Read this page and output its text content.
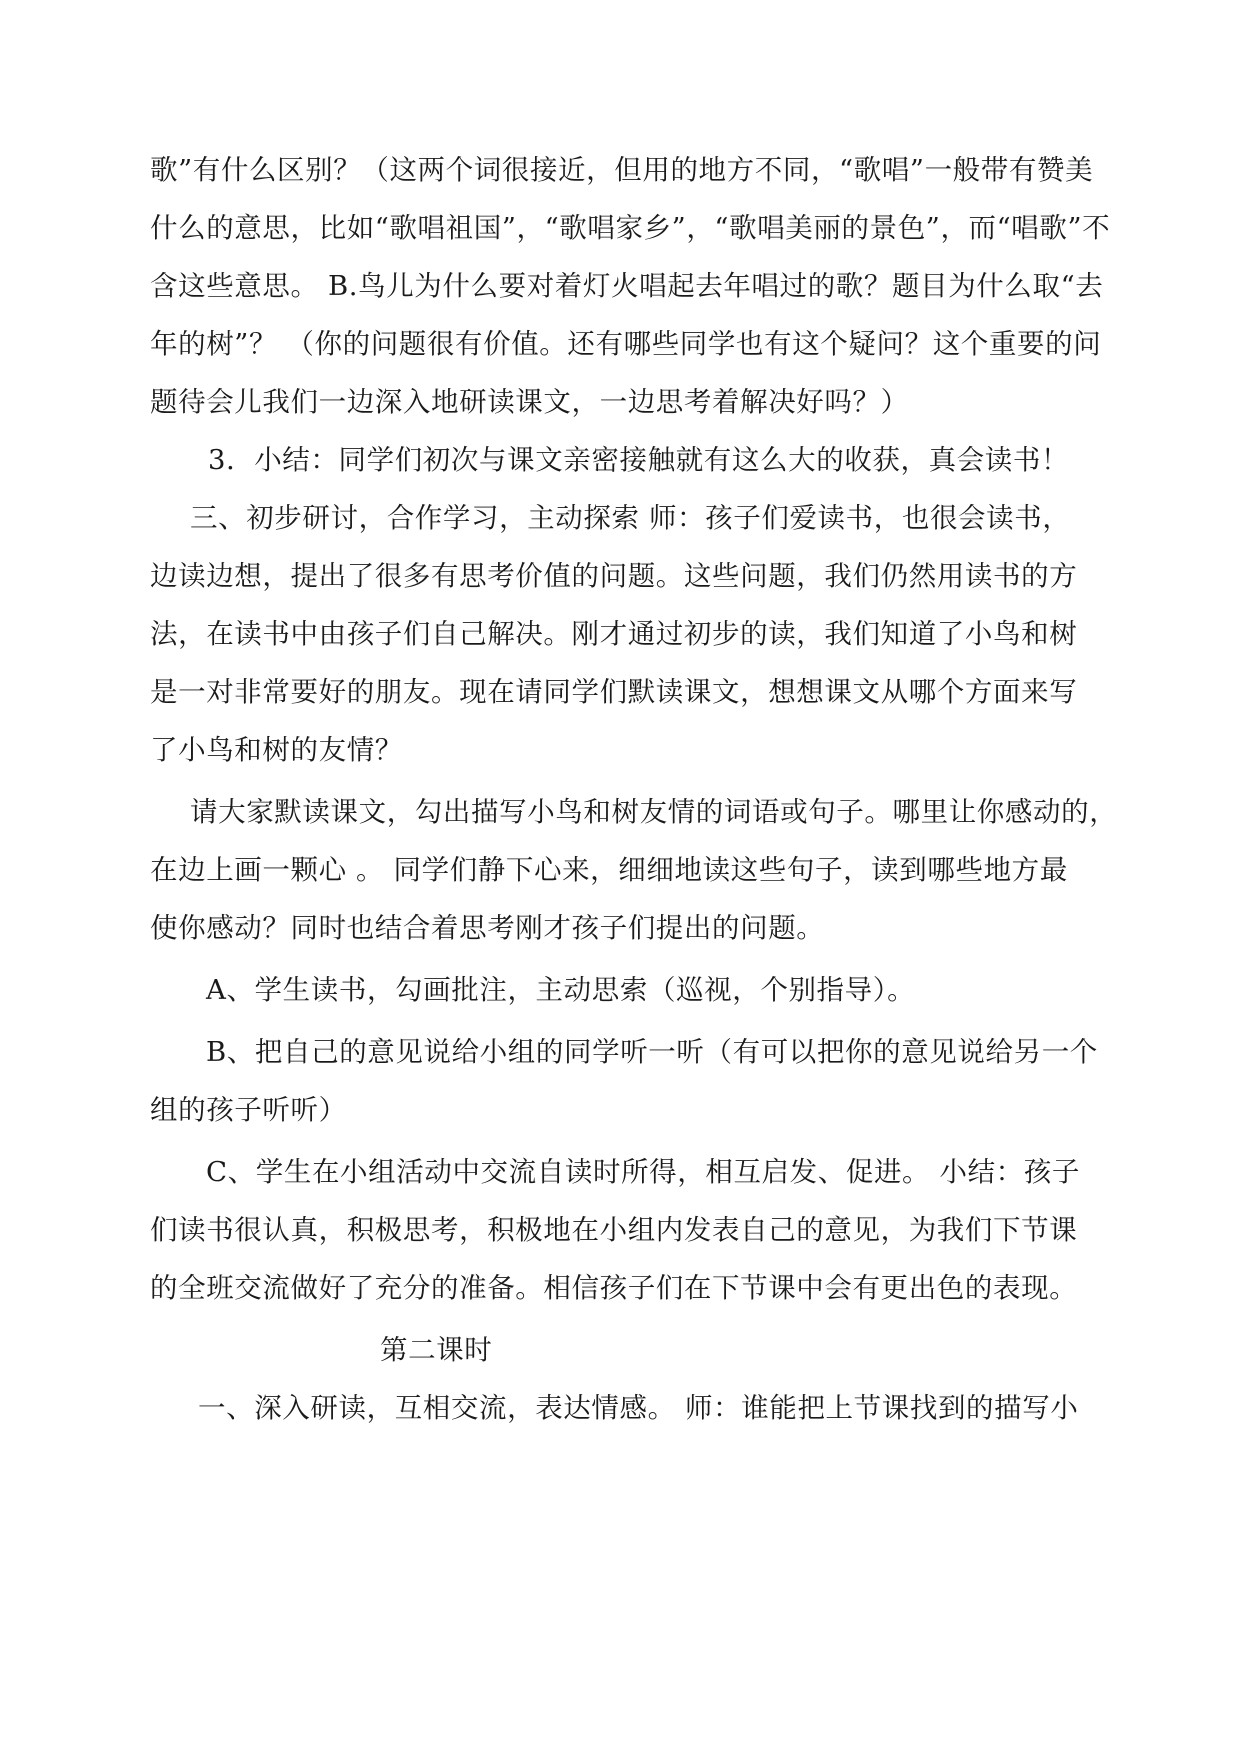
歌”有什么区别？（这两个词很接近，但用的地方不同，“歌唱”一般带有赞美
什么的意思，比如“歌唱祖国”，“歌唱家乡”，“歌唱美丽的景色”，而“唱歌”不
含这些意思。 B.鸟儿为什么要对着灯火唱起去年唱过的歌？题目为什么取“去
年的树”？ （你的问题很有价值。还有哪些同学也有这个疑问？这个重要的问
题待会儿我们一边深入地研读课文，一边思考着解决好吗？）
3．小结：同学们初次与课文亲密接触就有这么大的收获，真会读书！
三、初步研讨，合作学习，主动探索 师：孩子们爱读书，也很会读书，
边读边想，提出了很多有思考价值的问题。这些问题，我们仍然用读书的方
法，在读书中由孩子们自己解决。刚才通过初步的读，我们知道了小鸟和树
是一对非常要好的朋友。现在请同学们默读课文，想想课文从哪个方面来写
了小鸟和树的友情？
请大家默读课文，勾出描写小鸟和树友情的词语或句子。哪里让你感动的，
在边上画一颗心 。 同学们静下心来，细细地读这些句子，读到哪些地方最
使你感动？同时也结合着思考刚才孩子们提出的问题。
A、学生读书，勾画批注，主动思索（巡视，个别指导）。
B、把自己的意见说给小组的同学听一听（有可以把你的意见说给另一个
组的孩子听听）
C、学生在小组活动中交流自读时所得，相互启发、促进。 小结：孩子
们读书很认真，积极思考，积极地在小组内发表自己的意见，为我们下节课
的全班交流做好了充分的准备。相信孩子们在下节课中会有更出色的表现。
第二课时
一、深入研读，互相交流，表达情感。 师：谁能把上节课找到的描写小
